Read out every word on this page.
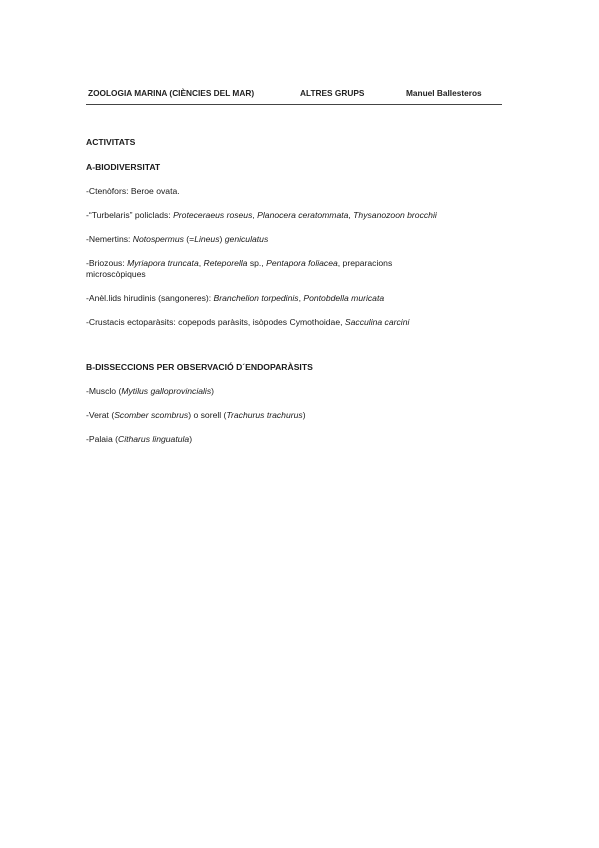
ZOOLOGIA MARINA (CIÈNCIES DEL MAR)	ALTRES GRUPS	Manuel Ballesteros

ACTIVITATS

A-BIODIVERSITAT

-Ctenòfors: Beroe ovata.

-“Turbelaris” policlads: Proteceraeus roseus, Planocera ceratommata, Thysanozoon brocchii

-Nemertins: Notospermus (=Lineus) geniculatus

-Briozous: Myriapora truncata, Reteporella sp., Pentapora foliacea, preparacions microscòpiques

-Anèl.lids hirudinis (sangoneres): Branchelion torpedinis, Pontobdella muricata

-Crustacis ectoparàsits: copepods paràsits, isòpodes Cymothoidae, Sacculina carcini

B-DISSECCIONS PER OBSERVACIÓ D´ENDOPARÀSITS

-Musclo (Mytilus galloprovincialis)

-Verat (Scomber scombrus) o sorell (Trachurus trachurus)

-Palaia (Citharus linguatula)
